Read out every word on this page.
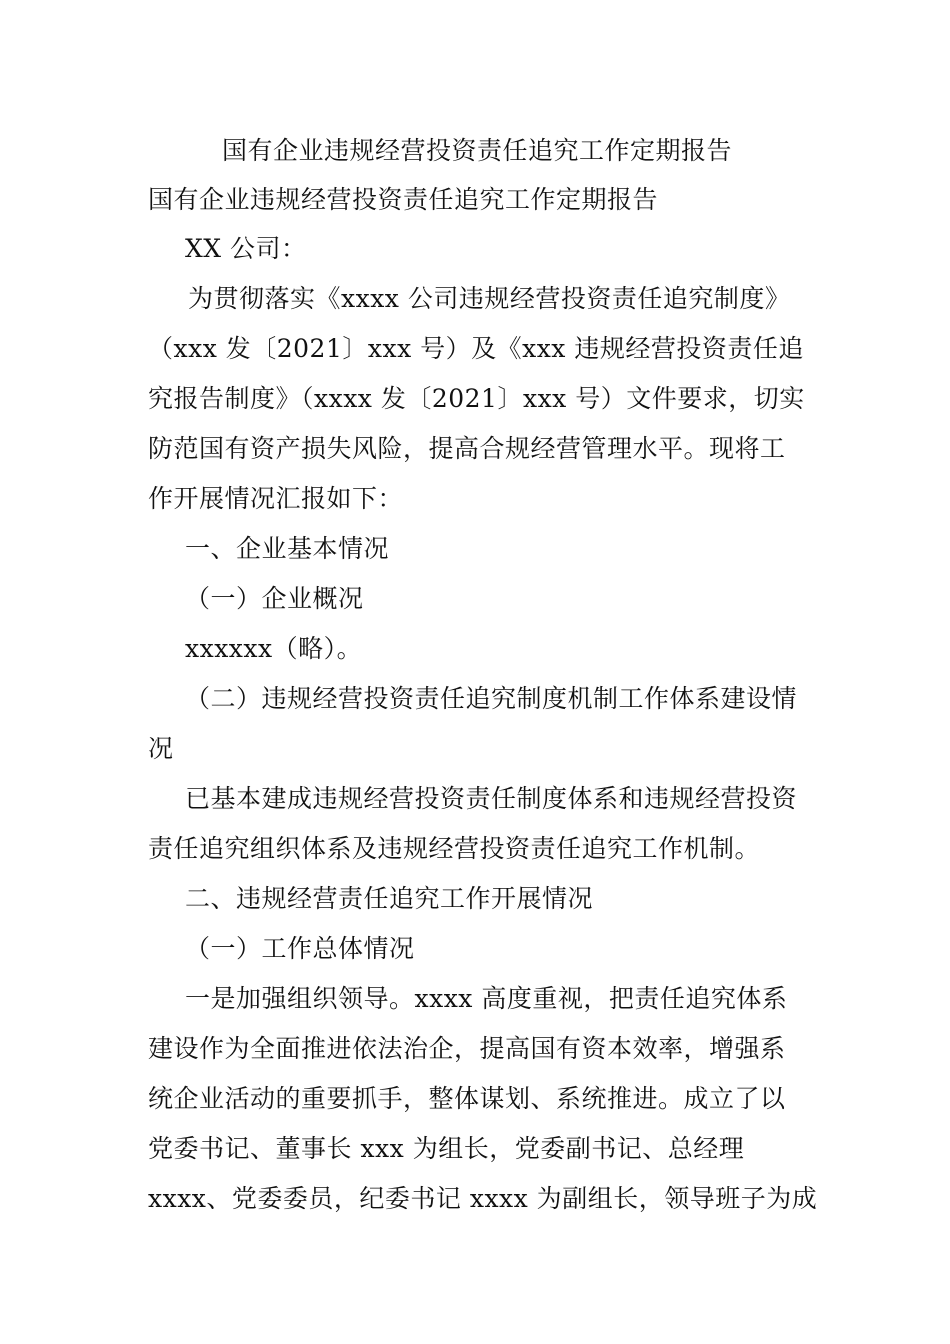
国有企业违规经营投资责任追究工作定期报告
国有企业违规经营投资责任追究工作定期报告
XX 公司：
为贯彻落实《xxxx 公司违规经营投资责任追究制度》
（xxx 发〔2021〕xxx 号）及《xxx 违规经营投资责任追
究报告制度》（xxxx 发〔2021〕xxx 号）文件要求，切实
防范国有资产损失风险，提高合规经营管理水平。现将工
作开展情况汇报如下：
一、企业基本情况
（一）企业概况
xxxxxx（略）。
（二）违规经营投资责任追究制度机制工作体系建设情
况
已基本建成违规经营投资责任制度体系和违规经营投资
责任追究组织体系及违规经营投资责任追究工作机制。
二、违规经营责任追究工作开展情况
（一）工作总体情况
一是加强组织领导。xxxx 高度重视，把责任追究体系
建设作为全面推进依法治企，提高国有资本效率，增强系
统企业活动的重要抓手，整体谋划、系统推进。成立了以
党委书记、董事长 xxx 为组长，党委副书记、总经理
xxxx、党委委员，纪委书记 xxxx 为副组长，领导班子为成
